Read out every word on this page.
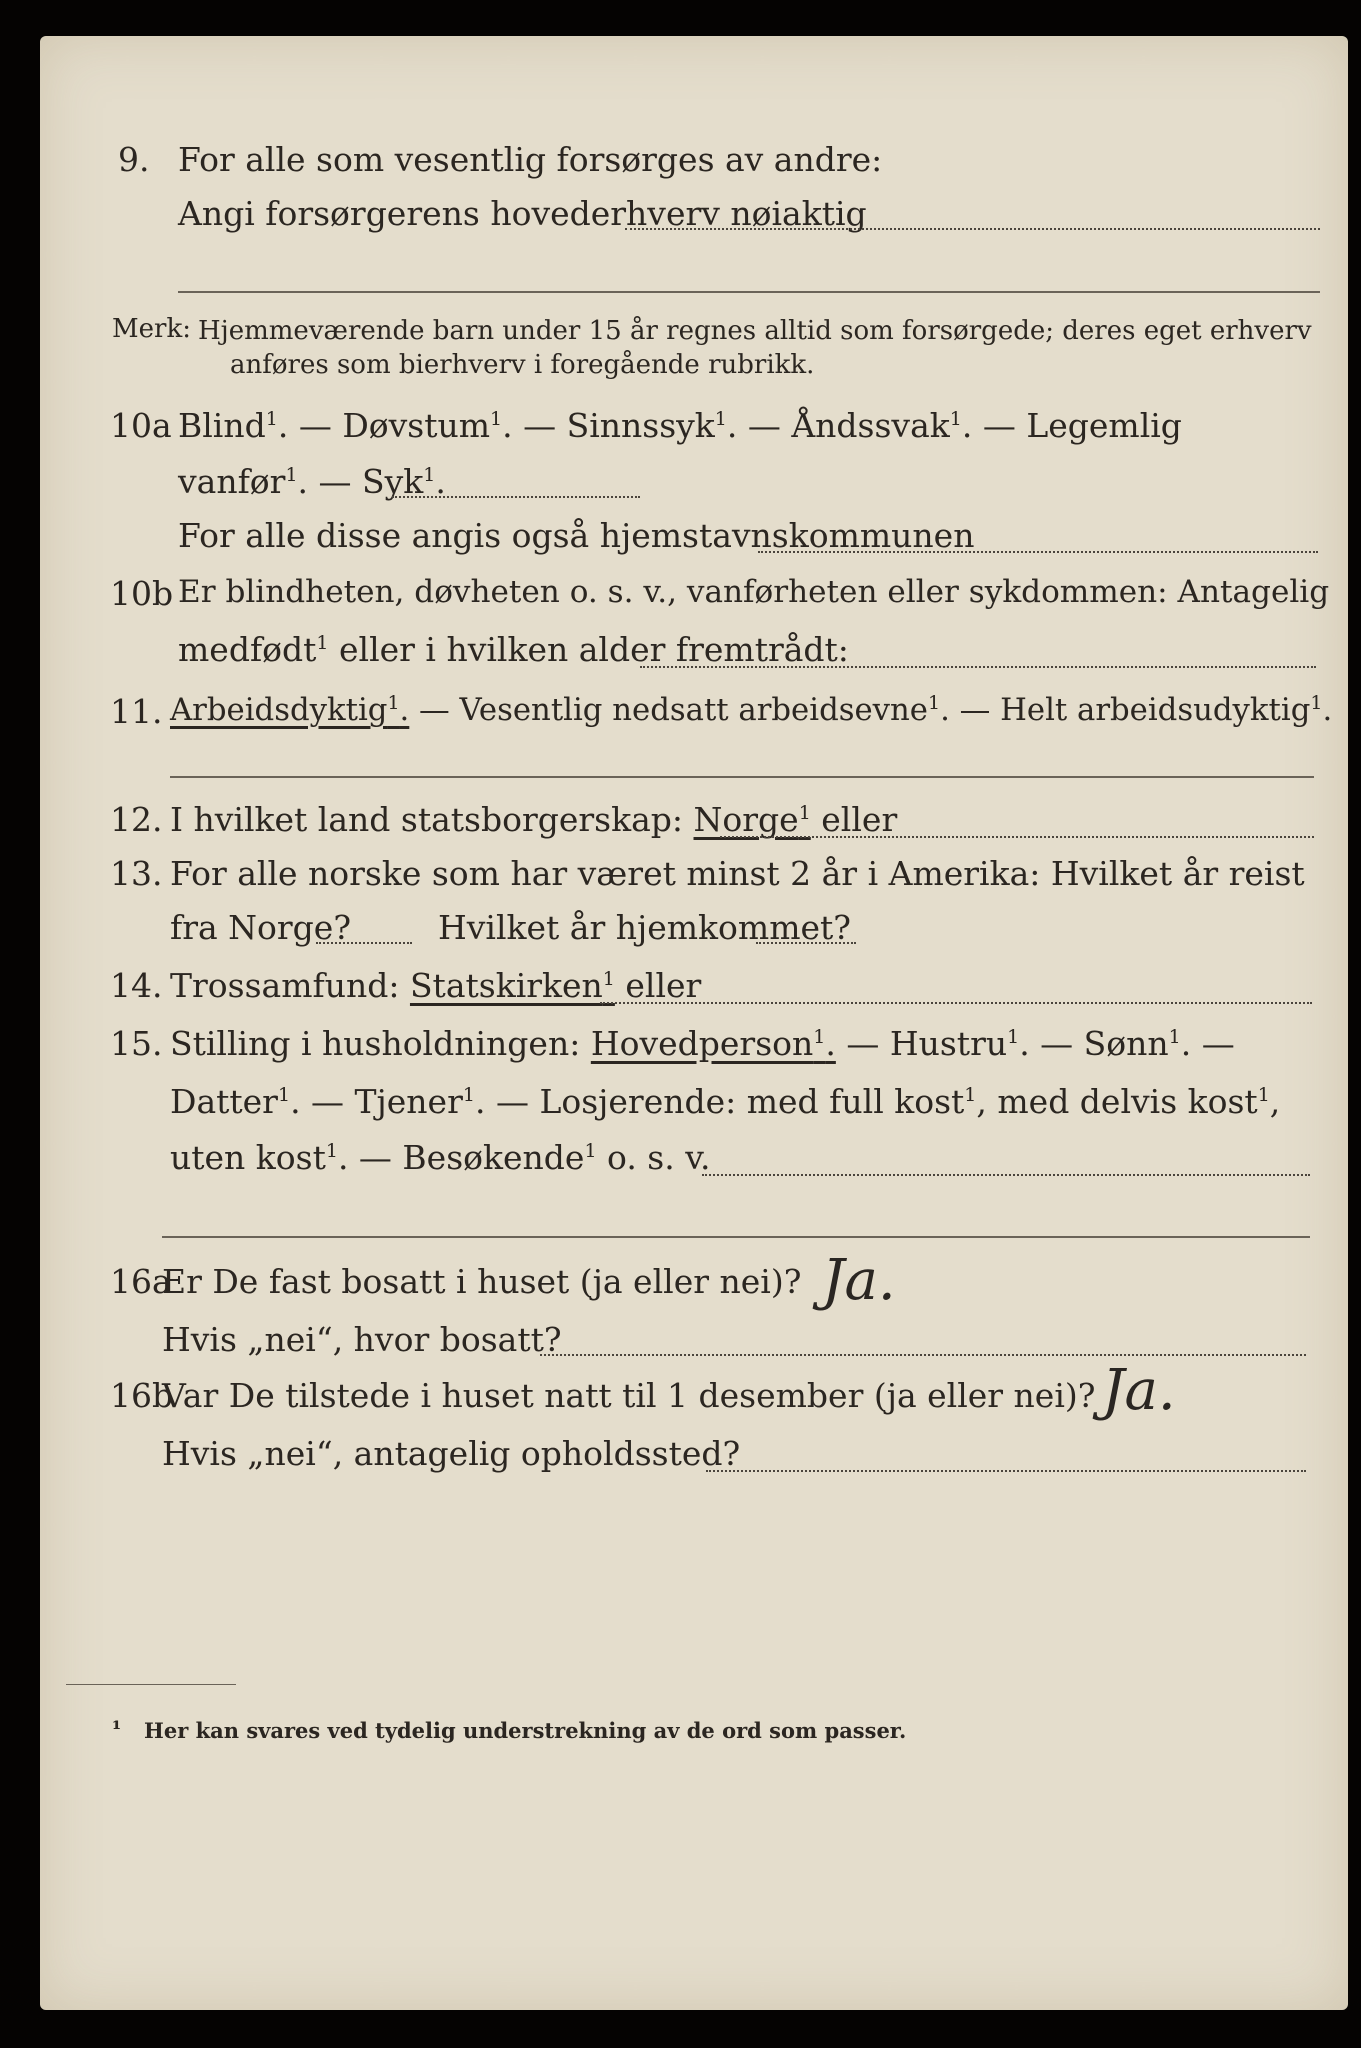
9. For alle som vesentlig forsørges av andre:
Angi forsørgerens hovederhverv nøiaktig
Merk: Hjemmeværende barn under 15 år regnes alltid som forsørgede; deres eget erhverv
anføres som bierhverv i foregående rubrikk.
10a Blind$^1$. — Døvstum$^1$. — Sinnssyk$^1$. — Åndssvak$^1$. — Legemlig
vanfør$^1$. — Syk$^1$.
For alle disse angis også hjemstavnskommunen
10b Er blindheten, døvheten o. s. v., vanførheten eller sykdommen: Antagelig
medfødt$^1$ eller i hvilken alder fremtrådt:
11. Arbeidsdyktig$^1$. — Vesentlig nedsatt arbeidsevne$^1$. — Helt arbeidsudyktig$^1$.
12. I hvilket land statsborgerskap: Norge$^1$ eller
13. For alle norske som har været minst 2 år i Amerika: Hvilket år reist
fra Norge?	Hvilket år hjemkommet?
14. Trossamfund: Statskirken$^1$ eller
15. Stilling i husholdningen: Hovedperson$^1$. — Hustru$^1$. — Sønn$^1$. —
Datter$^1$. — Tjener$^1$. — Losjerende: med full kost$^1$, med delvis kost$^1$,
uten kost$^1$. — Besøkende$^1$ o. s. v.
16a
Er De fast bosatt i huset (ja eller nei)? Ja.
Hvis „nei“, hvor bosatt?
16b
Var De tilstede i huset natt til 1 desember (ja eller nei)? Ja.
Hvis „nei“, antagelig opholdssted?
¹ Her kan svares ved tydelig understrekning av de ord som passer.
